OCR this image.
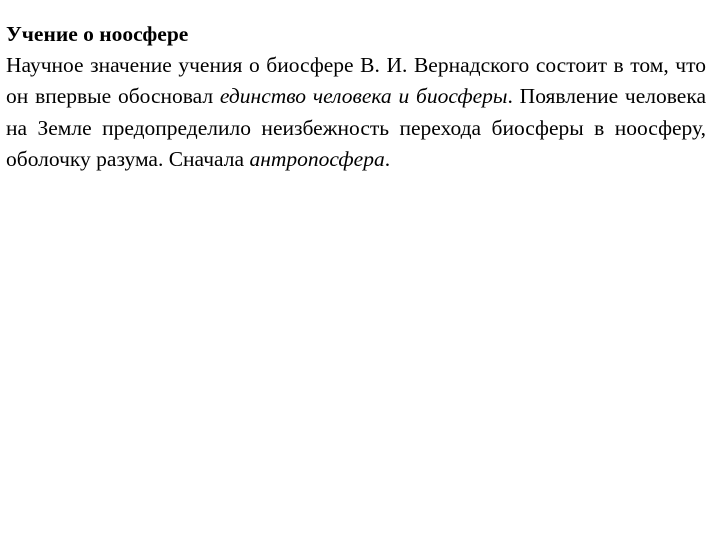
Учение о ноосфере

Научное значение учения о биосфере В. И. Вернадского состоит в том, что он впервые обосновал единство человека и биосферы. Появление человека на Земле предопределило неизбежность перехода биосферы в ноосферу, оболочку разума. Сначала антропосфера.
